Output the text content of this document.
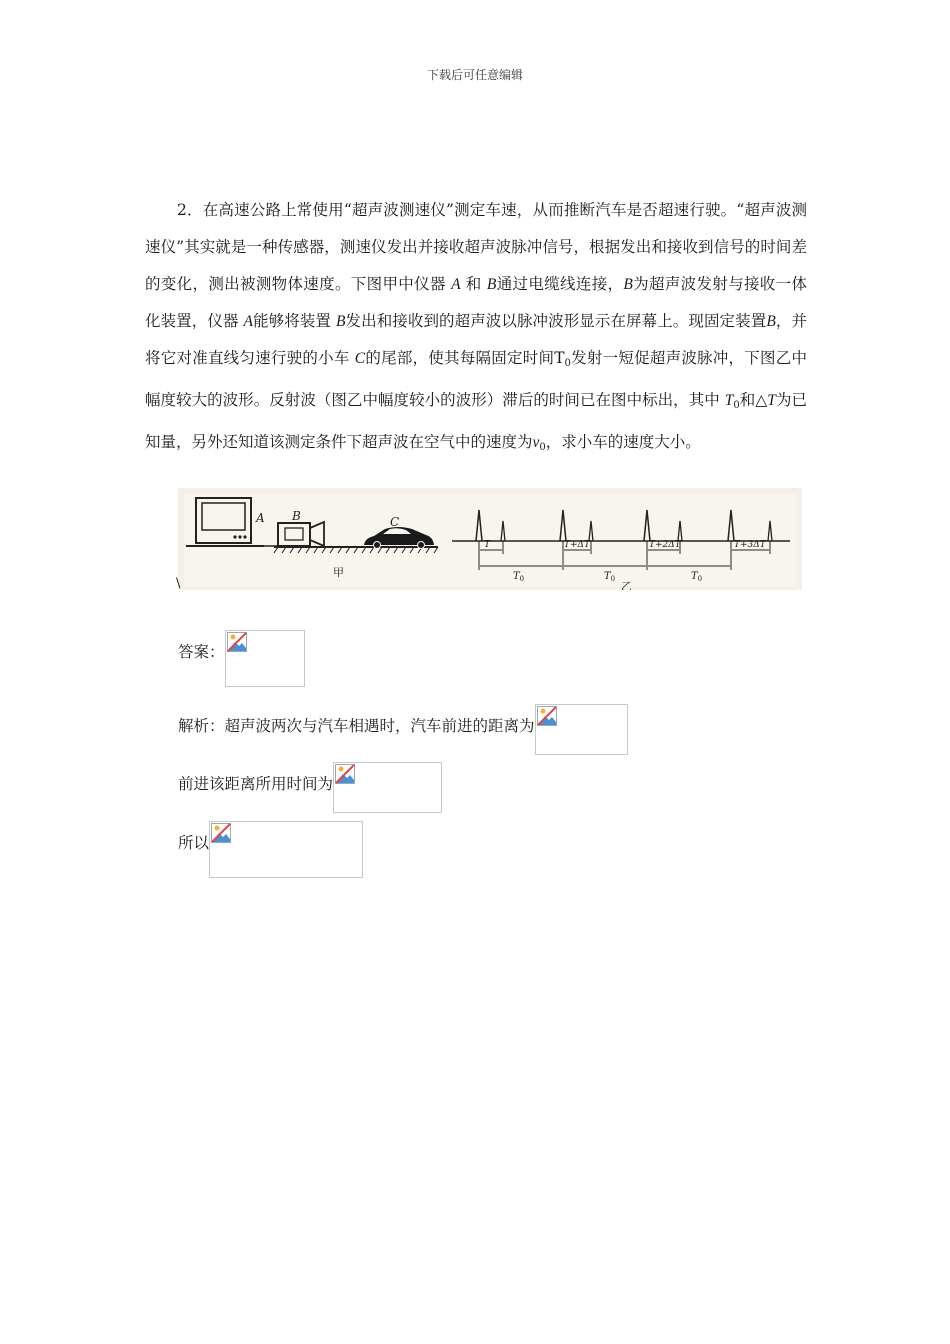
下载后可任意编辑
2．在高速公路上常使用“超声波测速仪”测定车速，从而推断汽车是否超速行驶。“超声波测速仪”其实就是一种传感器，测速仪发出并接收超声波脉冲信号，根据发出和接收到信号的时间差的变化，测出被测物体速度。下图甲中仪器 A 和 B通过电缆线连接，B为超声波发射与接收一体化装置，仪器 A能够将装置 B发出和接收到的超声波以脉冲波形显示在屏幕上。现固定装置B，并将它对准直线匀速行驶的小车 C的尾部，使其每隔固定时间$T_0$发射一短促超声波脉冲，下图乙中幅度较大的波形。反射波（图乙中幅度较小的波形）滞后的时间已在图中标出，其中 $T_0$和△T为已知量，另外还知道该测定条件下超声波在空气中的速度为$v_0$，求小车的速度大小。
A B	C
甲
T	T+ΔT	T+2ΔT	T+3ΔT
$T_0$	$T_0$	$T_0$
乙
\
答案：
解析：超声波两次与汽车相遇时，汽车前进的距离为
前进该距离所用时间为
所以
